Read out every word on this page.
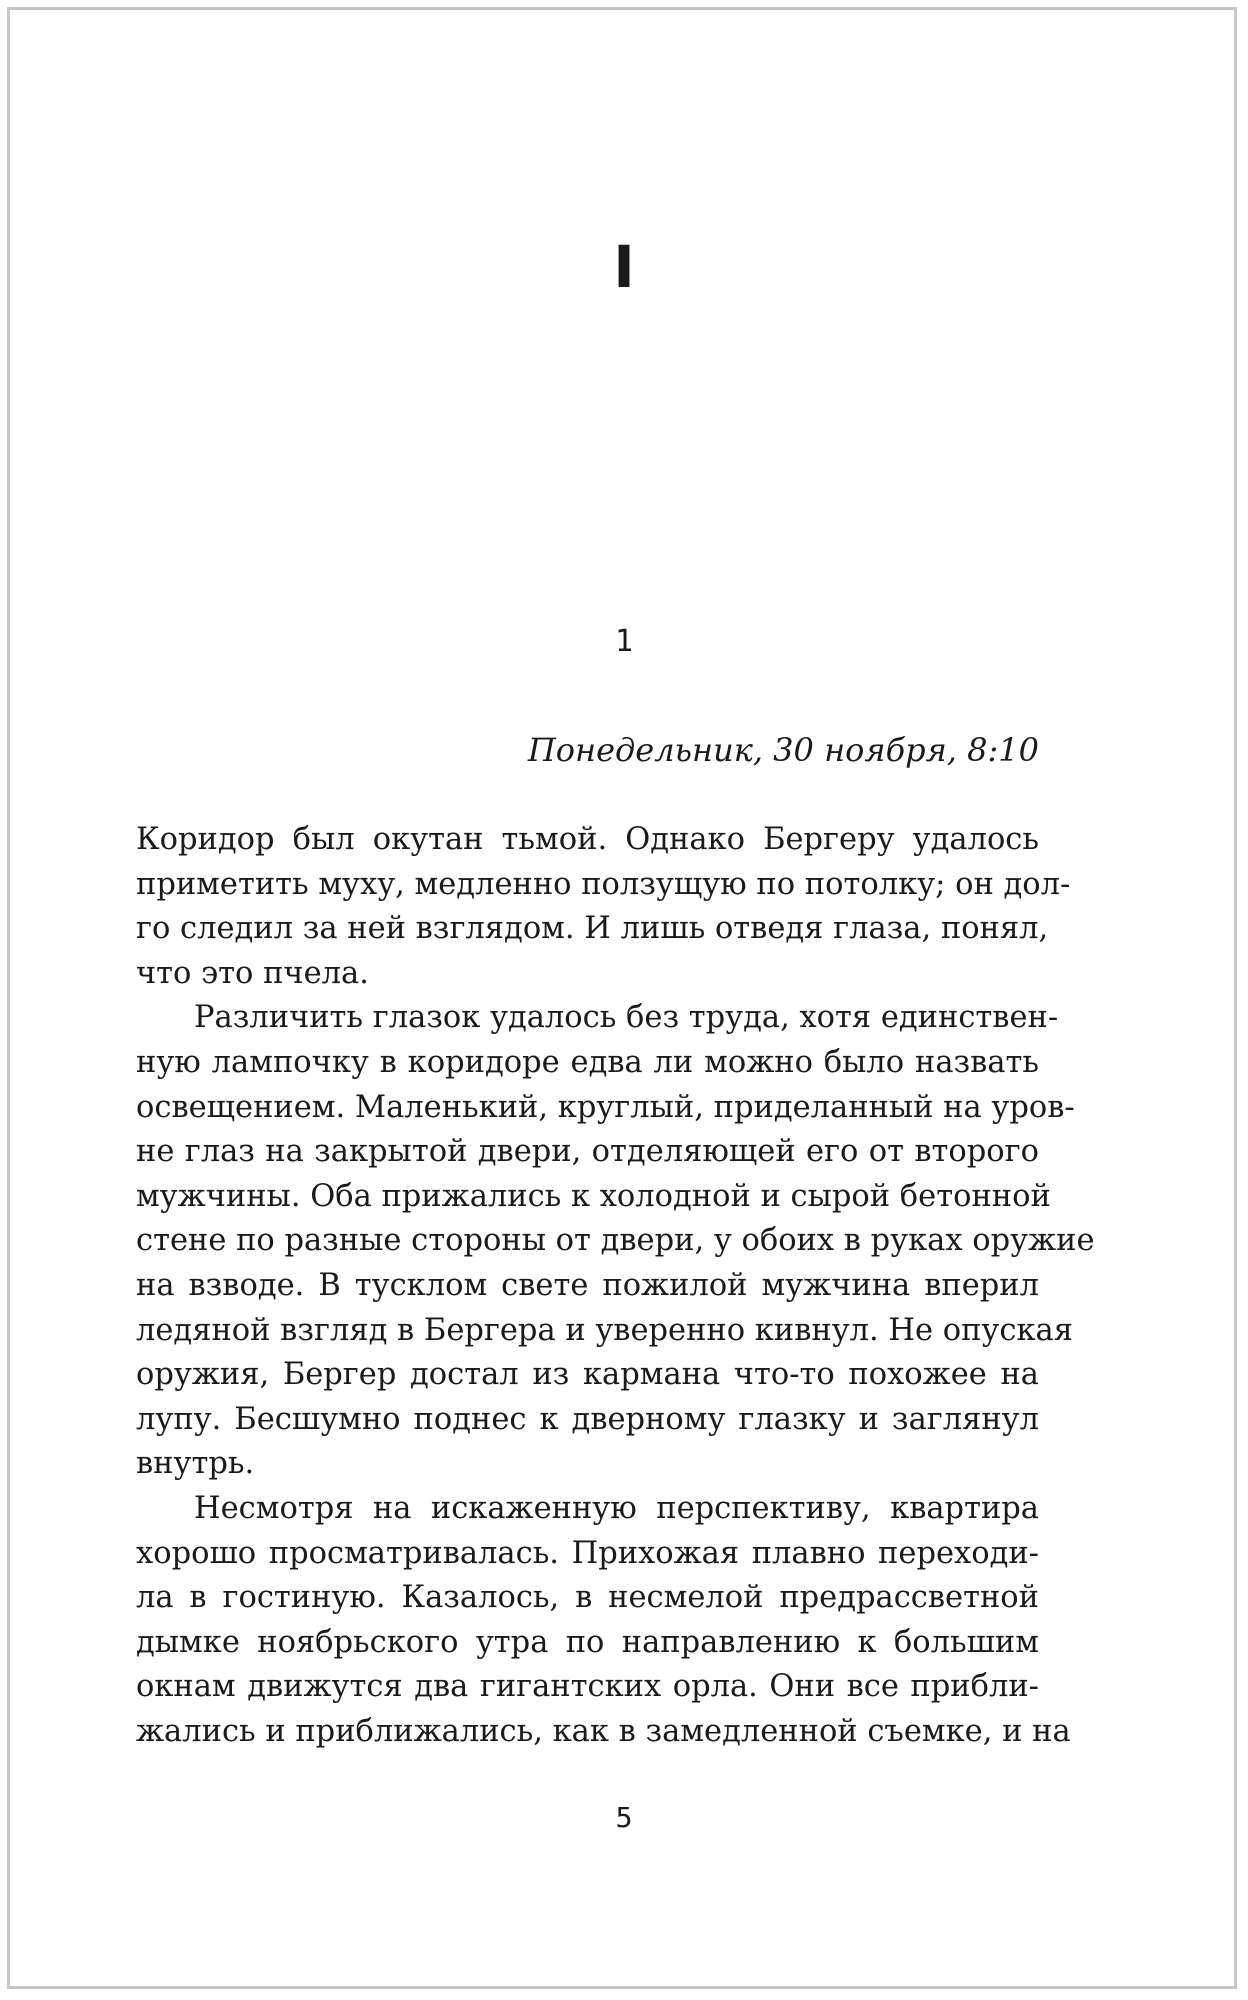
I
1
Понедельник, 30 ноября, 8:10
Коридор был окутан тьмой. Однако Бергеру удалось
приметить муху, медленно ползущую по потолку; он дол-
го следил за ней взглядом. И лишь отведя глаза, понял,
что это пчела.
Различить глазок удалось без труда, хотя единствен-
ную лампочку в коридоре едва ли можно было назвать
освещением. Маленький, круглый, приделанный на уров-
не глаз на закрытой двери, отделяющей его от второго
мужчины. Оба прижались к холодной и сырой бетонной
стене по разные стороны от двери, у обоих в руках оружие
на взводе. В тусклом свете пожилой мужчина вперил
ледяной взгляд в Бергера и уверенно кивнул. Не опуская
оружия, Бергер достал из кармана что-то похожее на
лупу. Бесшумно поднес к дверному глазку и заглянул
внутрь.
Несмотря на искаженную перспективу, квартира
хорошо просматривалась. Прихожая плавно переходи-
ла в гостиную. Казалось, в несмелой предрассветной
дымке ноябрьского утра по направлению к большим
окнам движутся два гигантских орла. Они все прибли-
жались и приближались, как в замедленной съемке, и на
5
